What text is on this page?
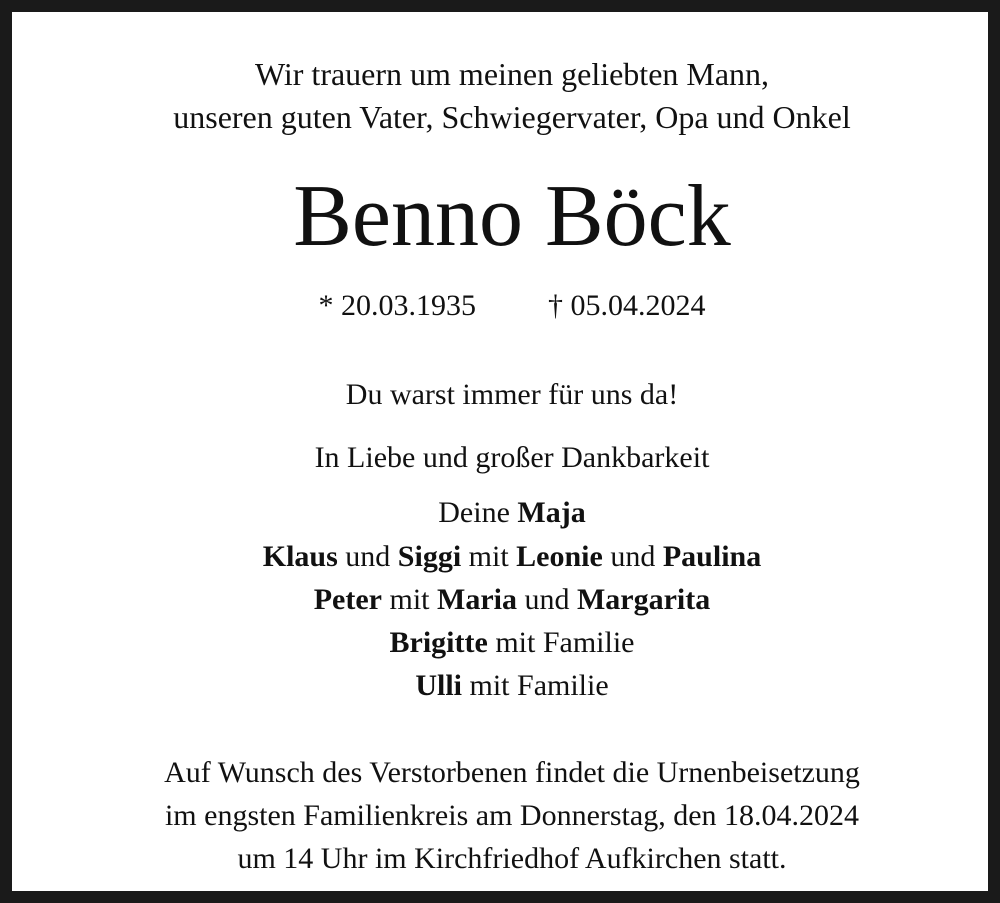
Wir trauern um meinen geliebten Mann,
unseren guten Vater, Schwiegervater, Opa und Onkel
Benno Böck
* 20.03.1935 † 05.04.2024
Du warst immer für uns da!
In Liebe und großer Dankbarkeit
Deine Maja
Klaus und Siggi mit Leonie und Paulina
Peter mit Maria und Margarita
Brigitte mit Familie
Ulli mit Familie
Auf Wunsch des Verstorbenen findet die Urnenbeisetzung
im engsten Familienkreis am Donnerstag, den 18.04.2024
um 14 Uhr im Kirchfriedhof Aufkirchen statt.
